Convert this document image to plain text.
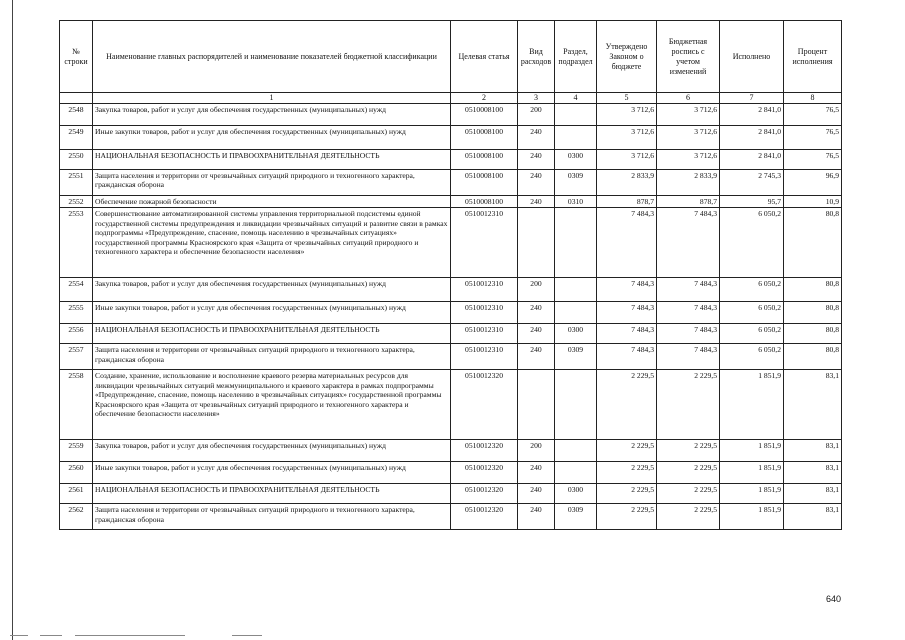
№ строки	Наименование главных распорядителей и наименование показателей бюджетной классификации	Целевая статья	Вид расходов	Раздел, подраздел	Утверждено Законом о бюджете	Бюджетная роспись с учетом изменений	Исполнено	Процент исполнения
	1	2	3	4	5	6	7	8
2548	Закупка товаров, работ и услуг для обеспечения государственных (муниципальных) нужд	0510008100	200		3 712,6	3 712,6	2 841,0	76,5
2549	Иные закупки товаров, работ и услуг для обеспечения государственных (муниципальных) нужд	0510008100	240		3 712,6	3 712,6	2 841,0	76,5
2550	НАЦИОНАЛЬНАЯ БЕЗОПАСНОСТЬ И ПРАВООХРАНИТЕЛЬНАЯ ДЕЯТЕЛЬНОСТЬ	0510008100	240	0300	3 712,6	3 712,6	2 841,0	76,5
2551	Защита населения и территории от чрезвычайных ситуаций природного и техногенного характера, гражданская оборона	0510008100	240	0309	2 833,9	2 833,9	2 745,3	96,9
2552	Обеспечение пожарной безопасности	0510008100	240	0310	878,7	878,7	95,7	10,9
2553	Совершенствование автоматизированной системы управления территориальной подсистемы единой государственной системы предупреждения и ликвидации чрезвычайных ситуаций и развитие связи в рамках подпрограммы «Предупреждение, спасение, помощь населению в чрезвычайных ситуациях» государственной программы Красноярского края «Защита от чрезвычайных ситуаций природного и техногенного характера и обеспечение безопасности населения»	0510012310			7 484,3	7 484,3	6 050,2	80,8
2554	Закупка товаров, работ и услуг для обеспечения государственных (муниципальных) нужд	0510012310	200		7 484,3	7 484,3	6 050,2	80,8
2555	Иные закупки товаров, работ и услуг для обеспечения государственных (муниципальных) нужд	0510012310	240		7 484,3	7 484,3	6 050,2	80,8
2556	НАЦИОНАЛЬНАЯ БЕЗОПАСНОСТЬ И ПРАВООХРАНИТЕЛЬНАЯ ДЕЯТЕЛЬНОСТЬ	0510012310	240	0300	7 484,3	7 484,3	6 050,2	80,8
2557	Защита населения и территории от чрезвычайных ситуаций природного и техногенного характера, гражданская оборона	0510012310	240	0309	7 484,3	7 484,3	6 050,2	80,8
2558	Создание, хранение, использование и восполнение краевого резерва материальных ресурсов для ликвидации чрезвычайных ситуаций межмуниципального и краевого характера в рамках подпрограммы «Предупреждение, спасение, помощь населению в чрезвычайных ситуациях» государственной программы Красноярского края «Защита от чрезвычайных ситуаций природного и техногенного характера и обеспечение безопасности населения»	0510012320			2 229,5	2 229,5	1 851,9	83,1
2559	Закупка товаров, работ и услуг для обеспечения государственных (муниципальных) нужд	0510012320	200		2 229,5	2 229,5	1 851,9	83,1
2560	Иные закупки товаров, работ и услуг для обеспечения государственных (муниципальных) нужд	0510012320	240		2 229,5	2 229,5	1 851,9	83,1
2561	НАЦИОНАЛЬНАЯ БЕЗОПАСНОСТЬ И ПРАВООХРАНИТЕЛЬНАЯ ДЕЯТЕЛЬНОСТЬ	0510012320	240	0300	2 229,5	2 229,5	1 851,9	83,1
2562	Защита населения и территории от чрезвычайных ситуаций природного и техногенного характера, гражданская оборона	0510012320	240	0309	2 229,5	2 229,5	1 851,9	83,1
640
